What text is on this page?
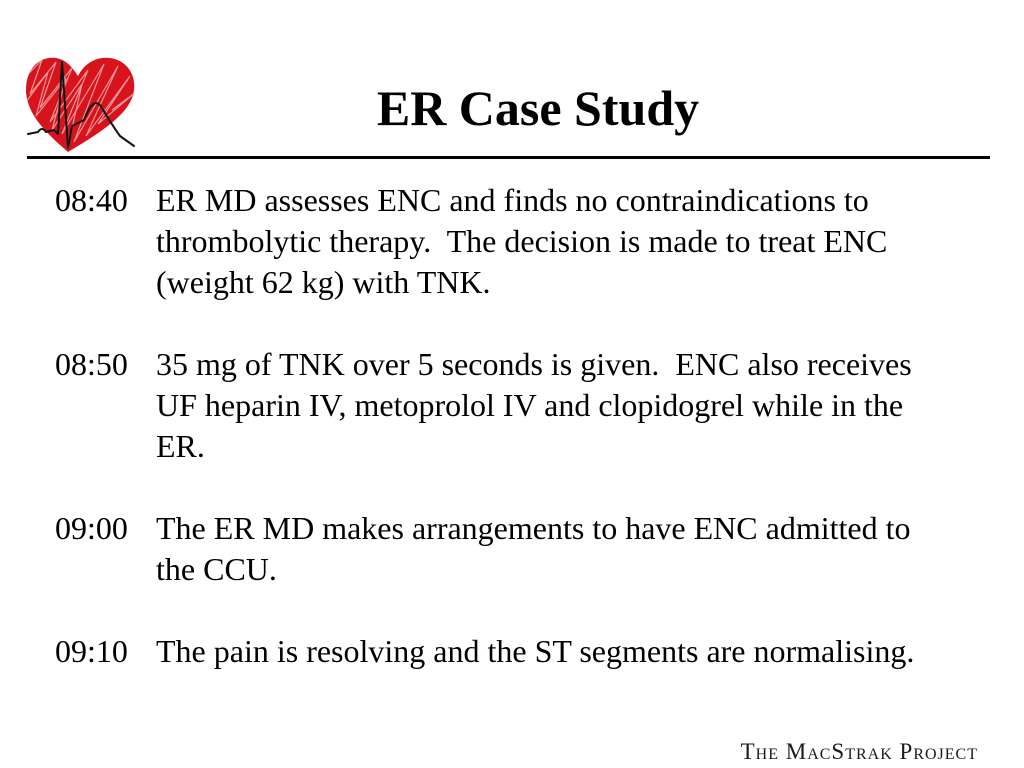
ER Case Study
08:40 ER MD assesses ENC and finds no contraindications to
thrombolytic therapy.  The decision is made to treat ENC
(weight 62 kg) with TNK.
08:50 35 mg of TNK over 5 seconds is given.  ENC also receives
UF heparin IV, metoprolol IV and clopidogrel while in the
ER.
09:00 The ER MD makes arrangements to have ENC admitted to
the CCU.
09:10 The pain is resolving and the ST segments are normalising.
The MacStrak Project
